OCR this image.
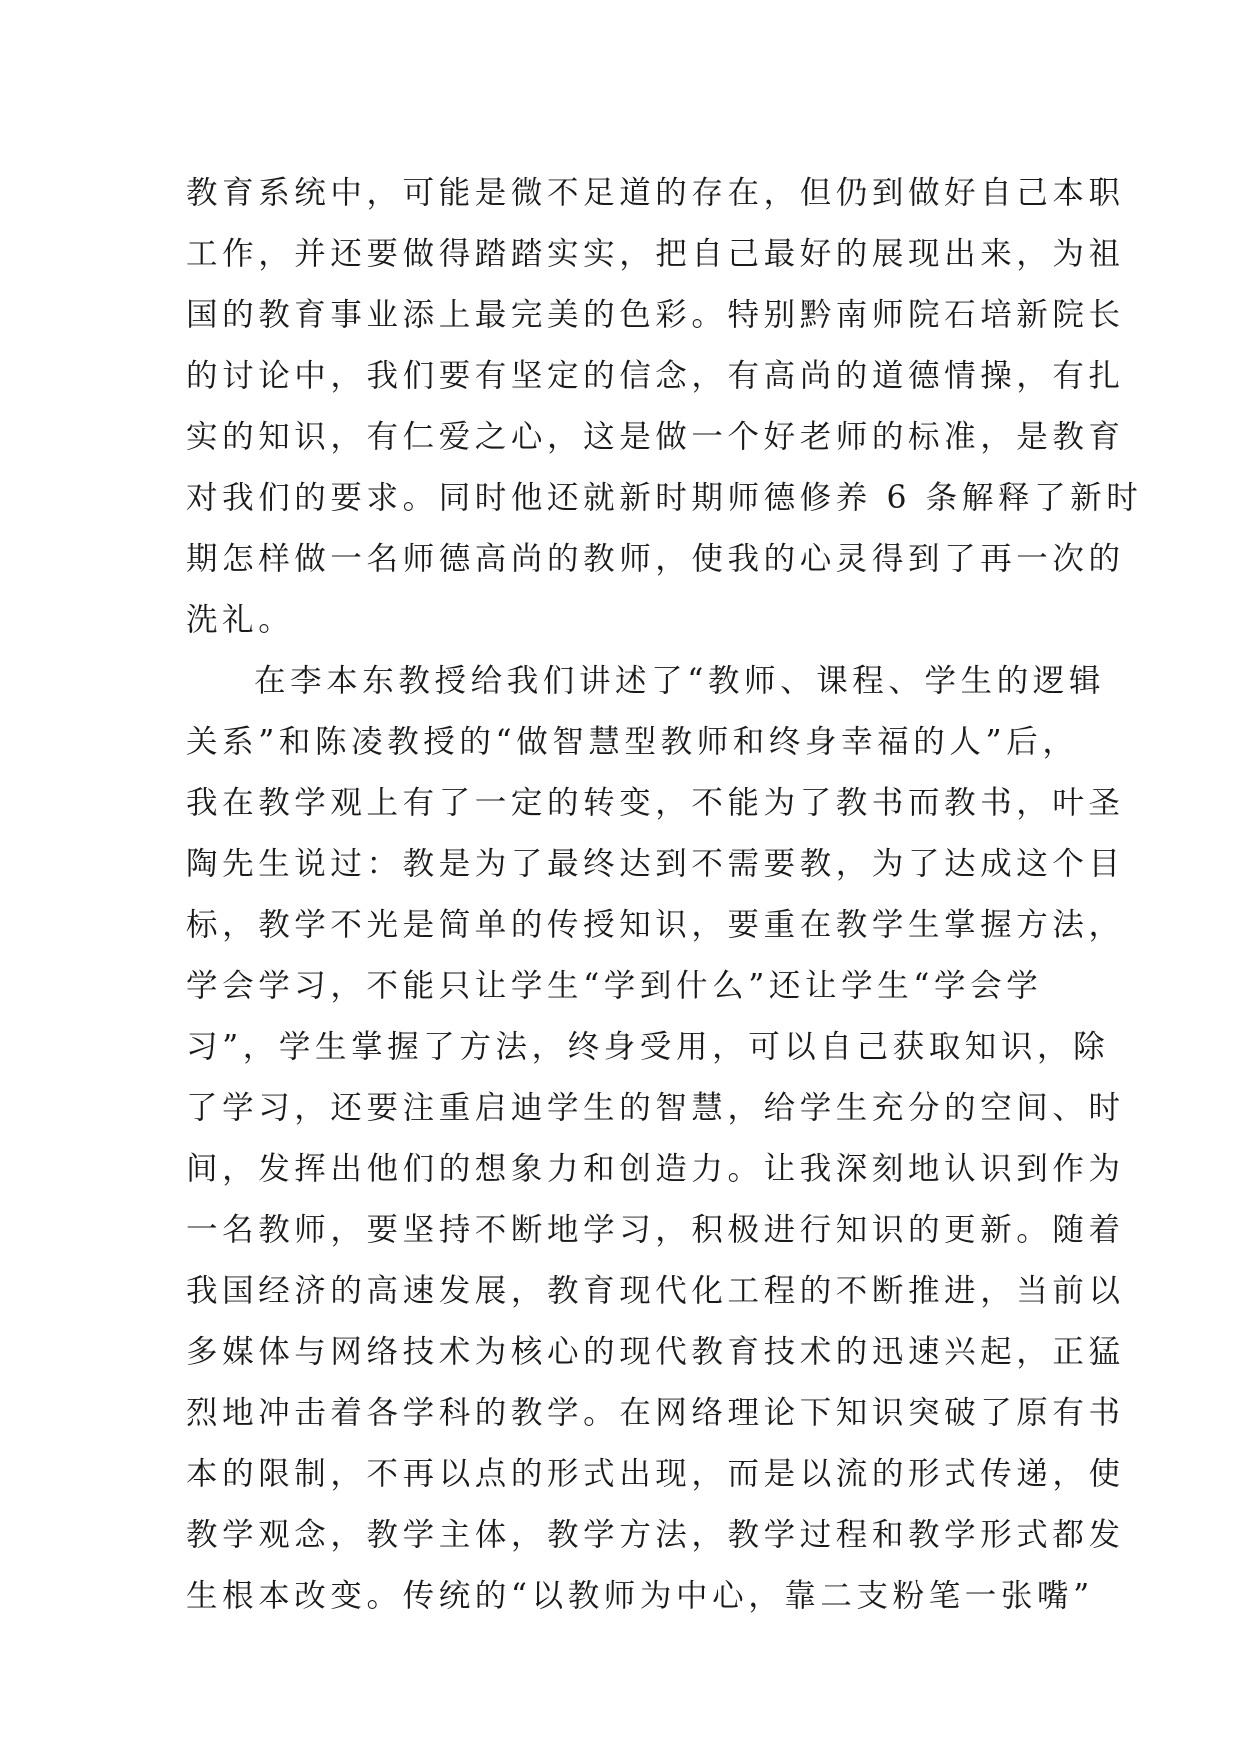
教育系统中，可能是微不足道的存在，但仍到做好自己本职
工作，并还要做得踏踏实实，把自己最好的展现出来，为祖
国的教育事业添上最完美的色彩。特别黔南师院石培新院长
的讨论中，我们要有坚定的信念，有高尚的道德情操，有扎
实的知识，有仁爱之心，这是做一个好老师的标准，是教育
对我们的要求。同时他还就新时期师德修养 6 条解释了新时
期怎样做一名师德高尚的教师，使我的心灵得到了再一次的
洗礼。
在李本东教授给我们讲述了“教师、课程、学生的逻辑
关系”和陈凌教授的“做智慧型教师和终身幸福的人”后，
我在教学观上有了一定的转变，不能为了教书而教书，叶圣
陶先生说过：教是为了最终达到不需要教，为了达成这个目
标，教学不光是简单的传授知识，要重在教学生掌握方法，
学会学习，不能只让学生“学到什么”还让学生“学会学
习”，学生掌握了方法，终身受用，可以自己获取知识，除
了学习，还要注重启迪学生的智慧，给学生充分的空间、时
间，发挥出他们的想象力和创造力。让我深刻地认识到作为
一名教师，要坚持不断地学习，积极进行知识的更新。随着
我国经济的高速发展，教育现代化工程的不断推进，当前以
多媒体与网络技术为核心的现代教育技术的迅速兴起，正猛
烈地冲击着各学科的教学。在网络理论下知识突破了原有书
本的限制，不再以点的形式出现，而是以流的形式传递，使
教学观念，教学主体，教学方法，教学过程和教学形式都发
生根本改变。传统的“以教师为中心，靠二支粉笔一张嘴”
